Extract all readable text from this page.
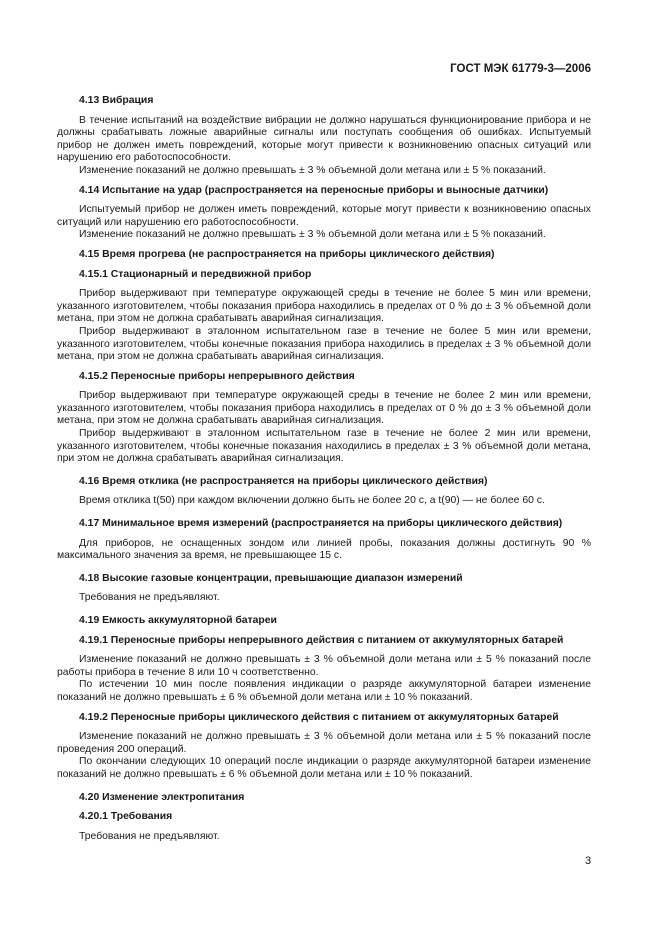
ГОСТ МЭК 61779-3—2006
4.13 Вибрация
В течение испытаний на воздействие вибрации не должно нарушаться функционирование прибора и не должны срабатывать ложные аварийные сигналы или поступать сообщения об ошибках. Испытуемый прибор не должен иметь повреждений, которые могут привести к возникновению опасных ситуаций или нарушению его работоспособности.
Изменение показаний не должно превышать ± 3 % объемной доли метана или ± 5 % показаний.
4.14 Испытание на удар (распространяется на переносные приборы и выносные датчики)
Испытуемый прибор не должен иметь повреждений, которые могут привести к возникновению опасных ситуаций или нарушению его работоспособности.
Изменение показаний не должно превышать ± 3 % объемной доли метана или ± 5 % показаний.
4.15 Время прогрева (не распространяется на приборы циклического действия)
4.15.1 Стационарный и передвижной прибор
Прибор выдерживают при температуре окружающей среды в течение не более 5 мин или времени, указанного изготовителем, чтобы показания прибора находились в пределах от 0 % до ± 3 % объемной доли метана, при этом не должна срабатывать аварийная сигнализация.
Прибор выдерживают в эталонном испытательном газе в течение не более 5 мин или времени, указанного изготовителем, чтобы конечные показания прибора находились в пределах ± 3 % объемной доли метана, при этом не должна срабатывать аварийная сигнализация.
4.15.2 Переносные приборы непрерывного действия
Прибор выдерживают при температуре окружающей среды в течение не более 2 мин или времени, указанного изготовителем, чтобы показания прибора находились в пределах от 0 % до ± 3 % объемной доли метана, при этом не должна срабатывать аварийная сигнализация.
Прибор выдерживают в эталонном испытательном газе в течение не более 2 мин или времени, указанного изготовителем, чтобы конечные показания находились в пределах ± 3 % объемной доли метана, при этом не должна срабатывать аварийная сигнализация.
4.16 Время отклика (не распространяется на приборы циклического действия)
Время отклика t(50) при каждом включении должно быть не более 20 с, а t(90) — не более 60 с.
4.17 Минимальное время измерений (распространяется на приборы циклического действия)
Для приборов, не оснащенных зондом или линией пробы, показания должны достигнуть 90 % максимального значения за время, не превышающее 15 с.
4.18 Высокие газовые концентрации, превышающие диапазон измерений
Требования не предъявляют.
4.19 Емкость аккумуляторной батареи
4.19.1 Переносные приборы непрерывного действия с питанием от аккумуляторных батарей
Изменение показаний не должно превышать ± 3 % объемной доли метана или ± 5 % показаний после работы прибора в течение 8 или 10 ч соответственно.
По истечении 10 мин после появления индикации о разряде аккумуляторной батареи изменение показаний не должно превышать ± 6 % объемной доли метана или ± 10 % показаний.
4.19.2 Переносные приборы циклического действия с питанием от аккумуляторных батарей
Изменение показаний не должно превышать ± 3 % объемной доли метана или ± 5 % показаний после проведения 200 операций.
По окончании следующих 10 операций после индикации о разряде аккумуляторной батареи изменение показаний не должно превышать ± 6 % объемной доли метана или ± 10 % показаний.
4.20 Изменение электропитания
4.20.1 Требования
Требования не предъявляют.
3
